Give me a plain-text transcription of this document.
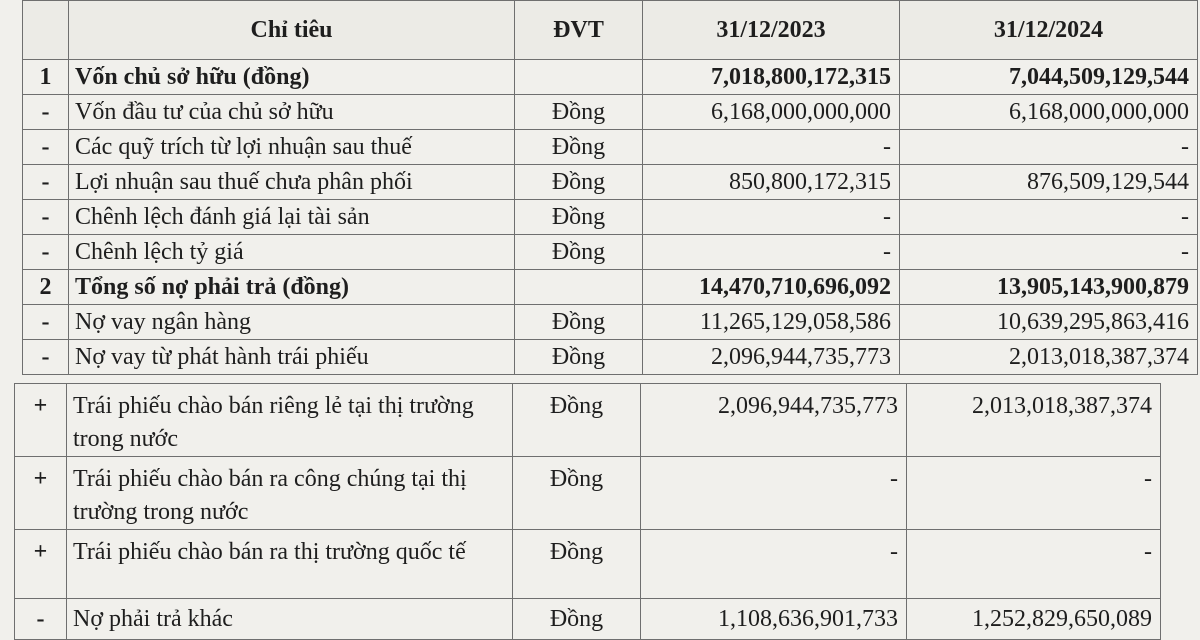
	Chỉ tiêu	ĐVT	31/12/2023	31/12/2024
1	Vốn chủ sở hữu (đồng)		7,018,800,172,315	7,044,509,129,544
-	Vốn đầu tư của chủ sở hữu	Đồng	6,168,000,000,000	6,168,000,000,000
-	Các quỹ trích từ lợi nhuận sau thuế	Đồng	-	-
-	Lợi nhuận sau thuế chưa phân phối	Đồng	850,800,172,315	876,509,129,544
-	Chênh lệch đánh giá lại tài sản	Đồng	-	-
-	Chênh lệch tỷ giá	Đồng	-	-
2	Tổng số nợ phải trả (đồng)		14,470,710,696,092	13,905,143,900,879
-	Nợ vay ngân hàng	Đồng	11,265,129,058,586	10,639,295,863,416
-	Nợ vay từ phát hành trái phiếu	Đồng	2,096,944,735,773	2,013,018,387,374
+	Trái phiếu chào bán riêng lẻ tại thị trường trong nước	Đồng	2,096,944,735,773	2,013,018,387,374
+	Trái phiếu chào bán ra công chúng tại thị trường trong nước	Đồng	-	-
+	Trái phiếu chào bán ra thị trường quốc tế	Đồng	-	-
-	Nợ phải trả khác	Đồng	1,108,636,901,733	1,252,829,650,089
